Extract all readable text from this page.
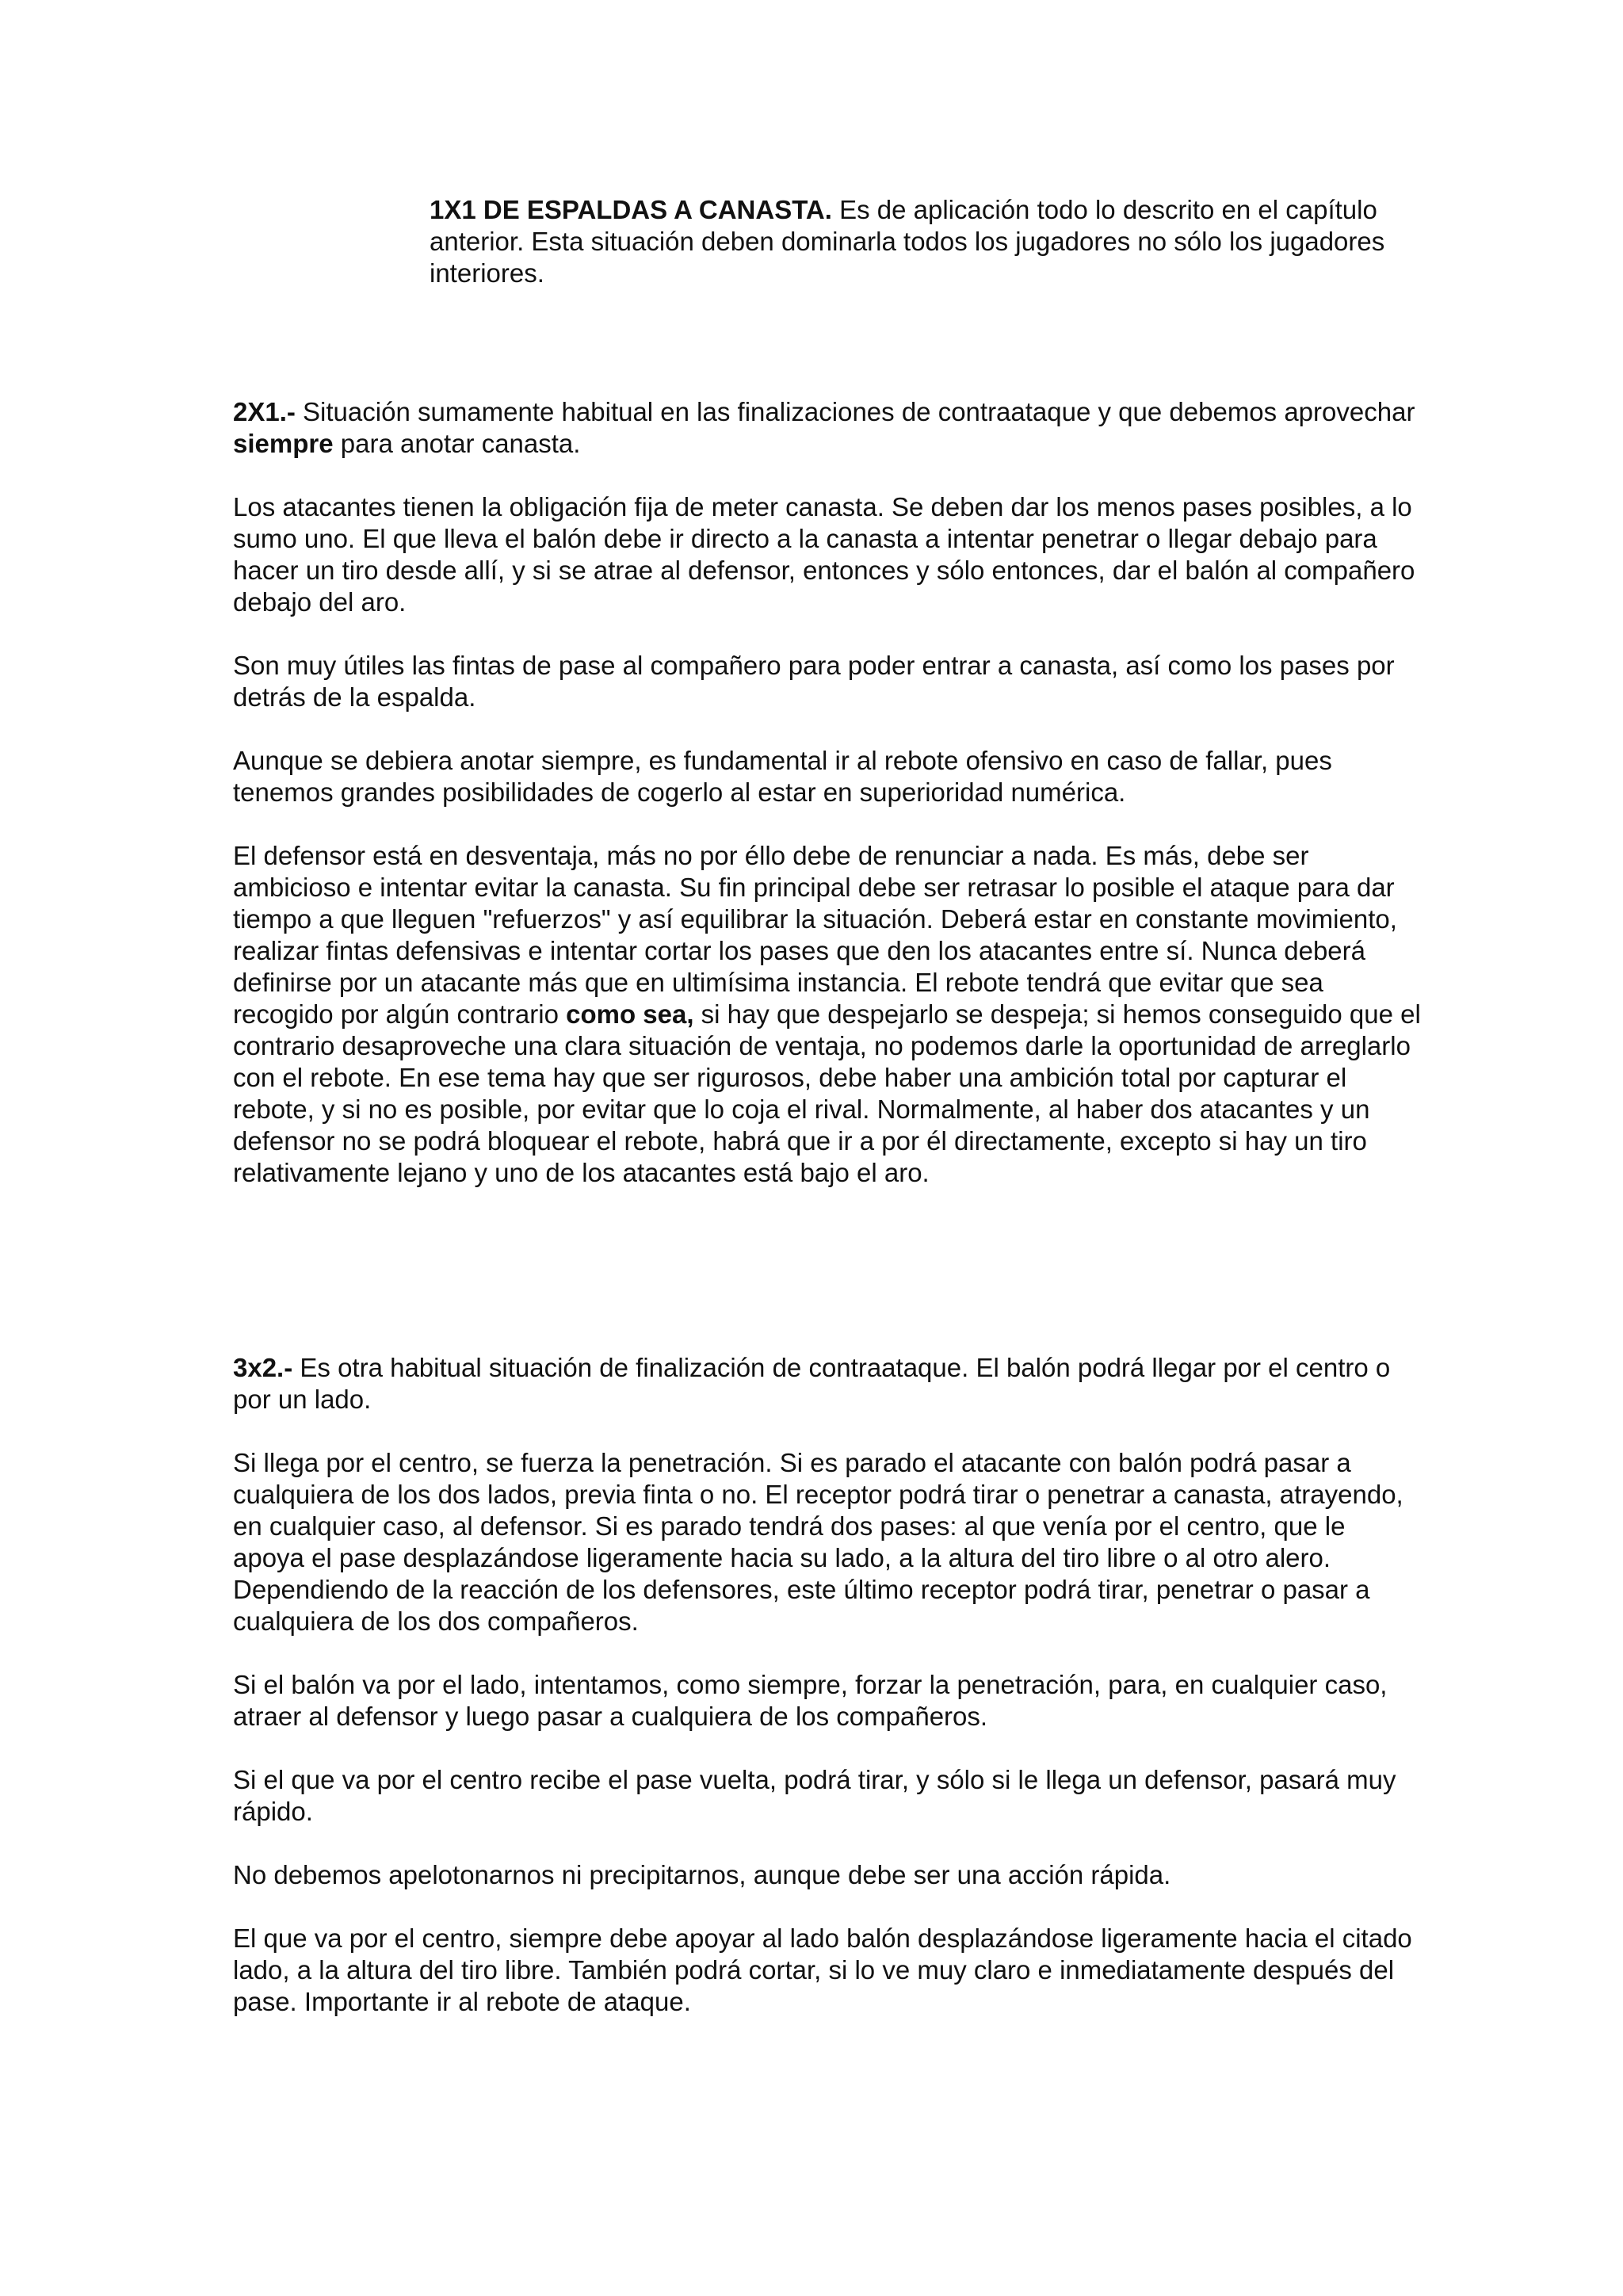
1X1 DE ESPALDAS A CANASTA. Es de aplicación todo lo descrito en el capítulo anterior. Esta situación deben dominarla todos los jugadores no sólo los jugadores interiores.

2X1.- Situación sumamente habitual en las finalizaciones de contraataque y que debemos aprovechar siempre para anotar canasta.

Los atacantes tienen la obligación fija de meter canasta. Se deben dar los menos pases posibles, a lo sumo uno. El que lleva el balón debe ir directo a la canasta a intentar penetrar o llegar debajo para hacer un tiro desde allí, y si se atrae al defensor, entonces y sólo entonces, dar el balón al compañero debajo del aro.

Son muy útiles las fintas de pase al compañero para poder entrar a canasta, así como los pases por detrás de la espalda.

Aunque se debiera anotar siempre, es fundamental ir al rebote ofensivo en caso de fallar, pues tenemos grandes posibilidades de cogerlo al estar en superioridad numérica.

El defensor está en desventaja, más no por éllo debe de renunciar a nada. Es más, debe ser ambicioso e intentar evitar la canasta. Su fin principal debe ser retrasar lo posible el ataque para dar tiempo a que lleguen "refuerzos" y así equilibrar la situación. Deberá estar en constante movimiento, realizar fintas defensivas e intentar cortar los pases que den los atacantes entre sí. Nunca deberá definirse por un atacante más que en ultimísima instancia. El rebote tendrá que evitar que sea recogido por algún contrario como sea, si hay que despejarlo se despeja; si hemos conseguido que el contrario desaproveche una clara situación de ventaja, no podemos darle la oportunidad de arreglarlo con el rebote. En ese tema hay que ser rigurosos, debe haber una ambición total por capturar el rebote, y si no es posible, por evitar que lo coja el rival. Normalmente, al haber dos atacantes y un defensor no se podrá bloquear el rebote, habrá que ir a por él directamente, excepto si hay un tiro relativamente lejano y uno de los atacantes está bajo el aro.

3x2.- Es otra habitual situación de finalización de contraataque. El balón podrá llegar por el centro o por un lado.

Si llega por el centro, se fuerza la penetración. Si es parado el atacante con balón podrá pasar a cualquiera de los dos lados, previa finta o no. El receptor podrá tirar o penetrar a canasta, atrayendo, en cualquier caso, al defensor. Si es parado tendrá dos pases: al que venía por el centro, que le apoya el pase desplazándose ligeramente hacia su lado, a la altura del tiro libre o al otro alero. Dependiendo de la reacción de los defensores, este último receptor podrá tirar, penetrar o pasar a cualquiera de los dos compañeros.

Si el balón va por el lado, intentamos, como siempre, forzar la penetración, para, en cualquier caso, atraer al defensor y luego pasar a cualquiera de los compañeros.

Si el que va por el centro recibe el pase vuelta, podrá tirar, y sólo si le llega un defensor, pasará muy rápido.

No debemos apelotonarnos ni precipitarnos, aunque debe ser una acción rápida.

El que va por el centro, siempre debe apoyar al lado balón desplazándose ligeramente hacia el citado lado, a la altura del tiro libre. También podrá cortar, si lo ve muy claro e inmediatamente después del pase. Importante ir al rebote de ataque.
